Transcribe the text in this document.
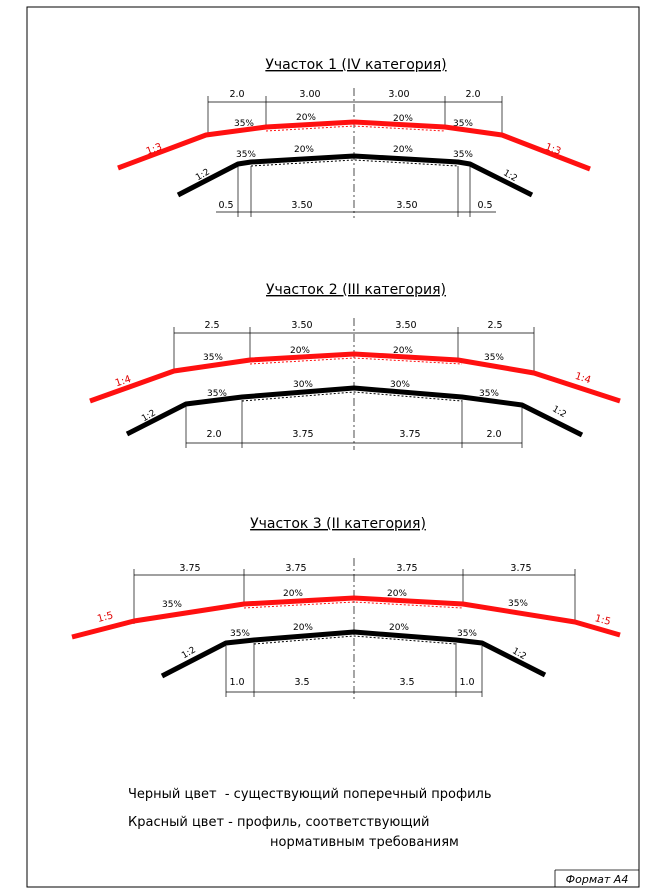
Участок 1 (IV категория)
2.0	3.00	3.00	2.0
1:3	1:3
35%
20%	20%	35%
1:2	1:2
35%	20%	20%	35%
0.5	3.50	3.50	0.5
Участок 2 (III категория)
2.5	3.50	3.50	2.5
1:4	1:4
35%
20%	20%
35%
1:2	1:2
35%
30%	30%
35%
2.0	3.75	3.75	2.0
Участок 3 (II категория)
3.75	3.75	3.75	3.75
1:5	1:5
35%
20%	20%
35%
1:2	1:2
35%
20%	20%
35%
1.0	3.5	3.5	1.0
Черный цвет  - существующий поперечный профиль
Красный цвет - профиль, соответствующий
нормативным требованиям
Формат А4
